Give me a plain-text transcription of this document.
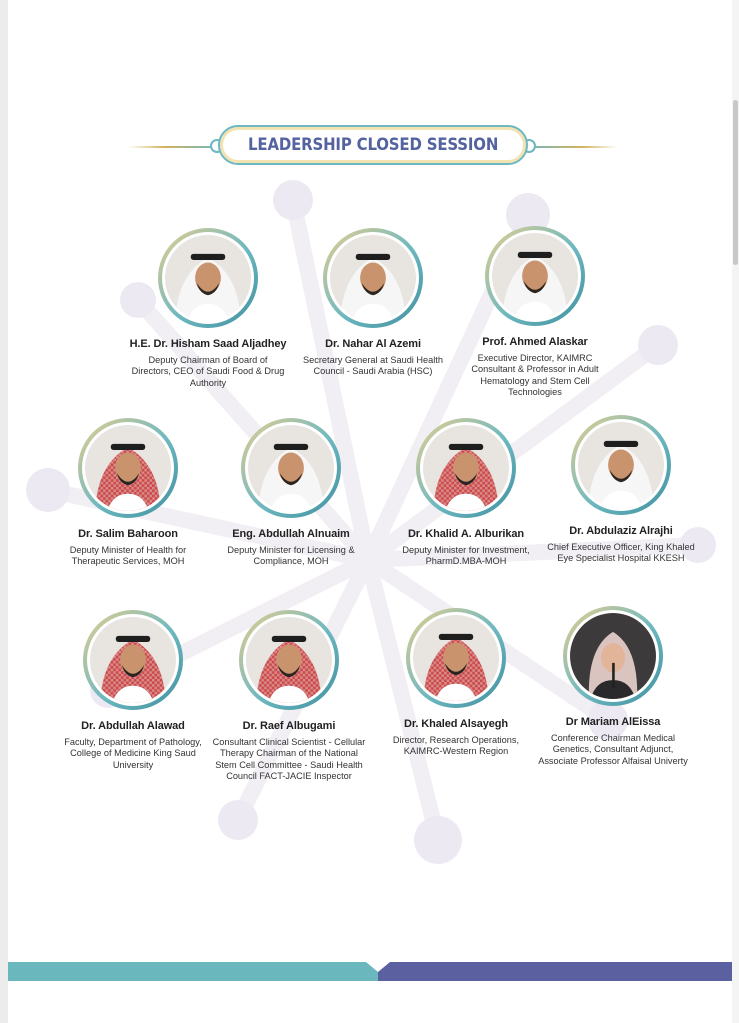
LEADERSHIP CLOSED SESSION
H.E. Dr. Hisham Saad Aljadhey
Deputy Chairman of Board of Directors, CEO of Saudi Food & Drug Authority
Dr. Nahar Al Azemi
Secretary General at Saudi Health Council - Saudi Arabia (HSC)
Prof. Ahmed Alaskar
Executive Director, KAIMRC Consultant & Professor in Adult Hematology and Stem Cell Technologies
Dr. Salim Baharoon
Deputy Minister of Health for Therapeutic Services, MOH
Eng. Abdullah Alnuaim
Deputy Minister for Licensing & Compliance, MOH
Dr. Khalid A. Alburikan
Deputy Minister for Investment, PharmD.MBA-MOH
Dr. Abdulaziz Alrajhi
Chief Executive Officer, King Khaled Eye Specialist Hospital KKESH
Dr. Abdullah Alawad
Faculty, Department of Pathology, College of Medicine King Saud University
Dr. Raef Albugami
Consultant Clinical Scientist - Cellular Therapy Chairman of the National Stem Cell Committee - Saudi Health Council FACT-JACIE Inspector
Dr. Khaled Alsayegh
Director, Research Operations, KAIMRC-Western Region
Dr Mariam AlEissa
Conference Chairman Medical Genetics, Consultant Adjunct, Associate Professor Alfaisal Univerty
